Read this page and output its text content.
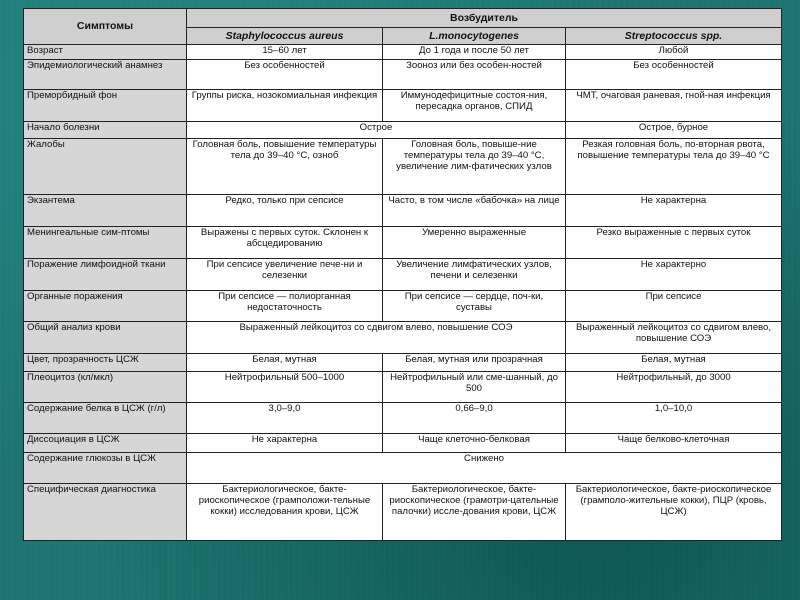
Симптомы	Возбудитель		
	Staphylococcus aureus	L.monocytogenes	Streptococcus spp.
Возраст	15–60 лет	До 1 года и после 50 лет	Любой
Эпидемиологический анамнез	Без особенностей	Зооноз или без особен-ностей	Без особенностей
Преморбидный фон	Группы риска, нозокомиальная инфекция	Иммунодефицитные состоя-ния, пересадка органов, СПИД	ЧМТ, очаговая раневая, гной-ная инфекция
Начало болезни	Острое		Острое, бурное
Жалобы	Головная боль, повышение температуры тела до 39–40 °С, озноб	Головная боль, повыше-ние температуры тела до 39–40 °С, увеличение лим-фатических узлов	Резкая головная боль, по-вторная рвота, повышение температуры тела до 39–40 °С
Экзантема	Редко, только при сепсисе	Часто, в том числе «бабочка» на лице	Не характерна
Менингеальные сим-птомы	Выражены с первых суток. Склонен к абсцедированию	Умеренно выраженные	Резко выраженные с первых суток
Поражение лимфоидной ткани	При сепсисе увеличение пече-ни и селезенки	Увеличение лимфатических узлов, печени и селезенки	Не характерно
Органные поражения	При сепсисе — полиорганная недостаточность	При сепсисе — сердце, поч-ки, суставы	При сепсисе
Общий анализ крови	Выраженный лейкоцитоз со сдвигом влево, повышение СОЭ		Выраженный лейкоцитоз со сдвигом влево, повышение СОЭ
Цвет, прозрачность ЦСЖ	Белая, мутная	Белая, мутная или прозрачная	Белая, мутная
Плеоцитоз (кл/мкл)	Нейтрофильный 500–1000	Нейтрофильный или сме-шанный, до 500	Нейтрофильный, до 3000
Содержание белка в ЦСЖ (г/л)	3,0–9,0	0,66–9,0	1,0–10,0
Диссоциация в ЦСЖ	Не характерна	Чаще клеточно-белковая	Чаще белково-клеточная
Содержание глюкозы в ЦСЖ	Снижено		
Специфическая диагностика	Бактериологическое, бакте-риоскопическое (грамположи-тельные кокки) исследования крови, ЦСЖ	Бактериологическое, бакте-риоскопическое (грамотри-цательные палочки) иссле-дования крови, ЦСЖ	Бактериологическое, бакте-риоскопическое (грамполо-жительные кокки), ПЦР (кровь, ЦСЖ)
